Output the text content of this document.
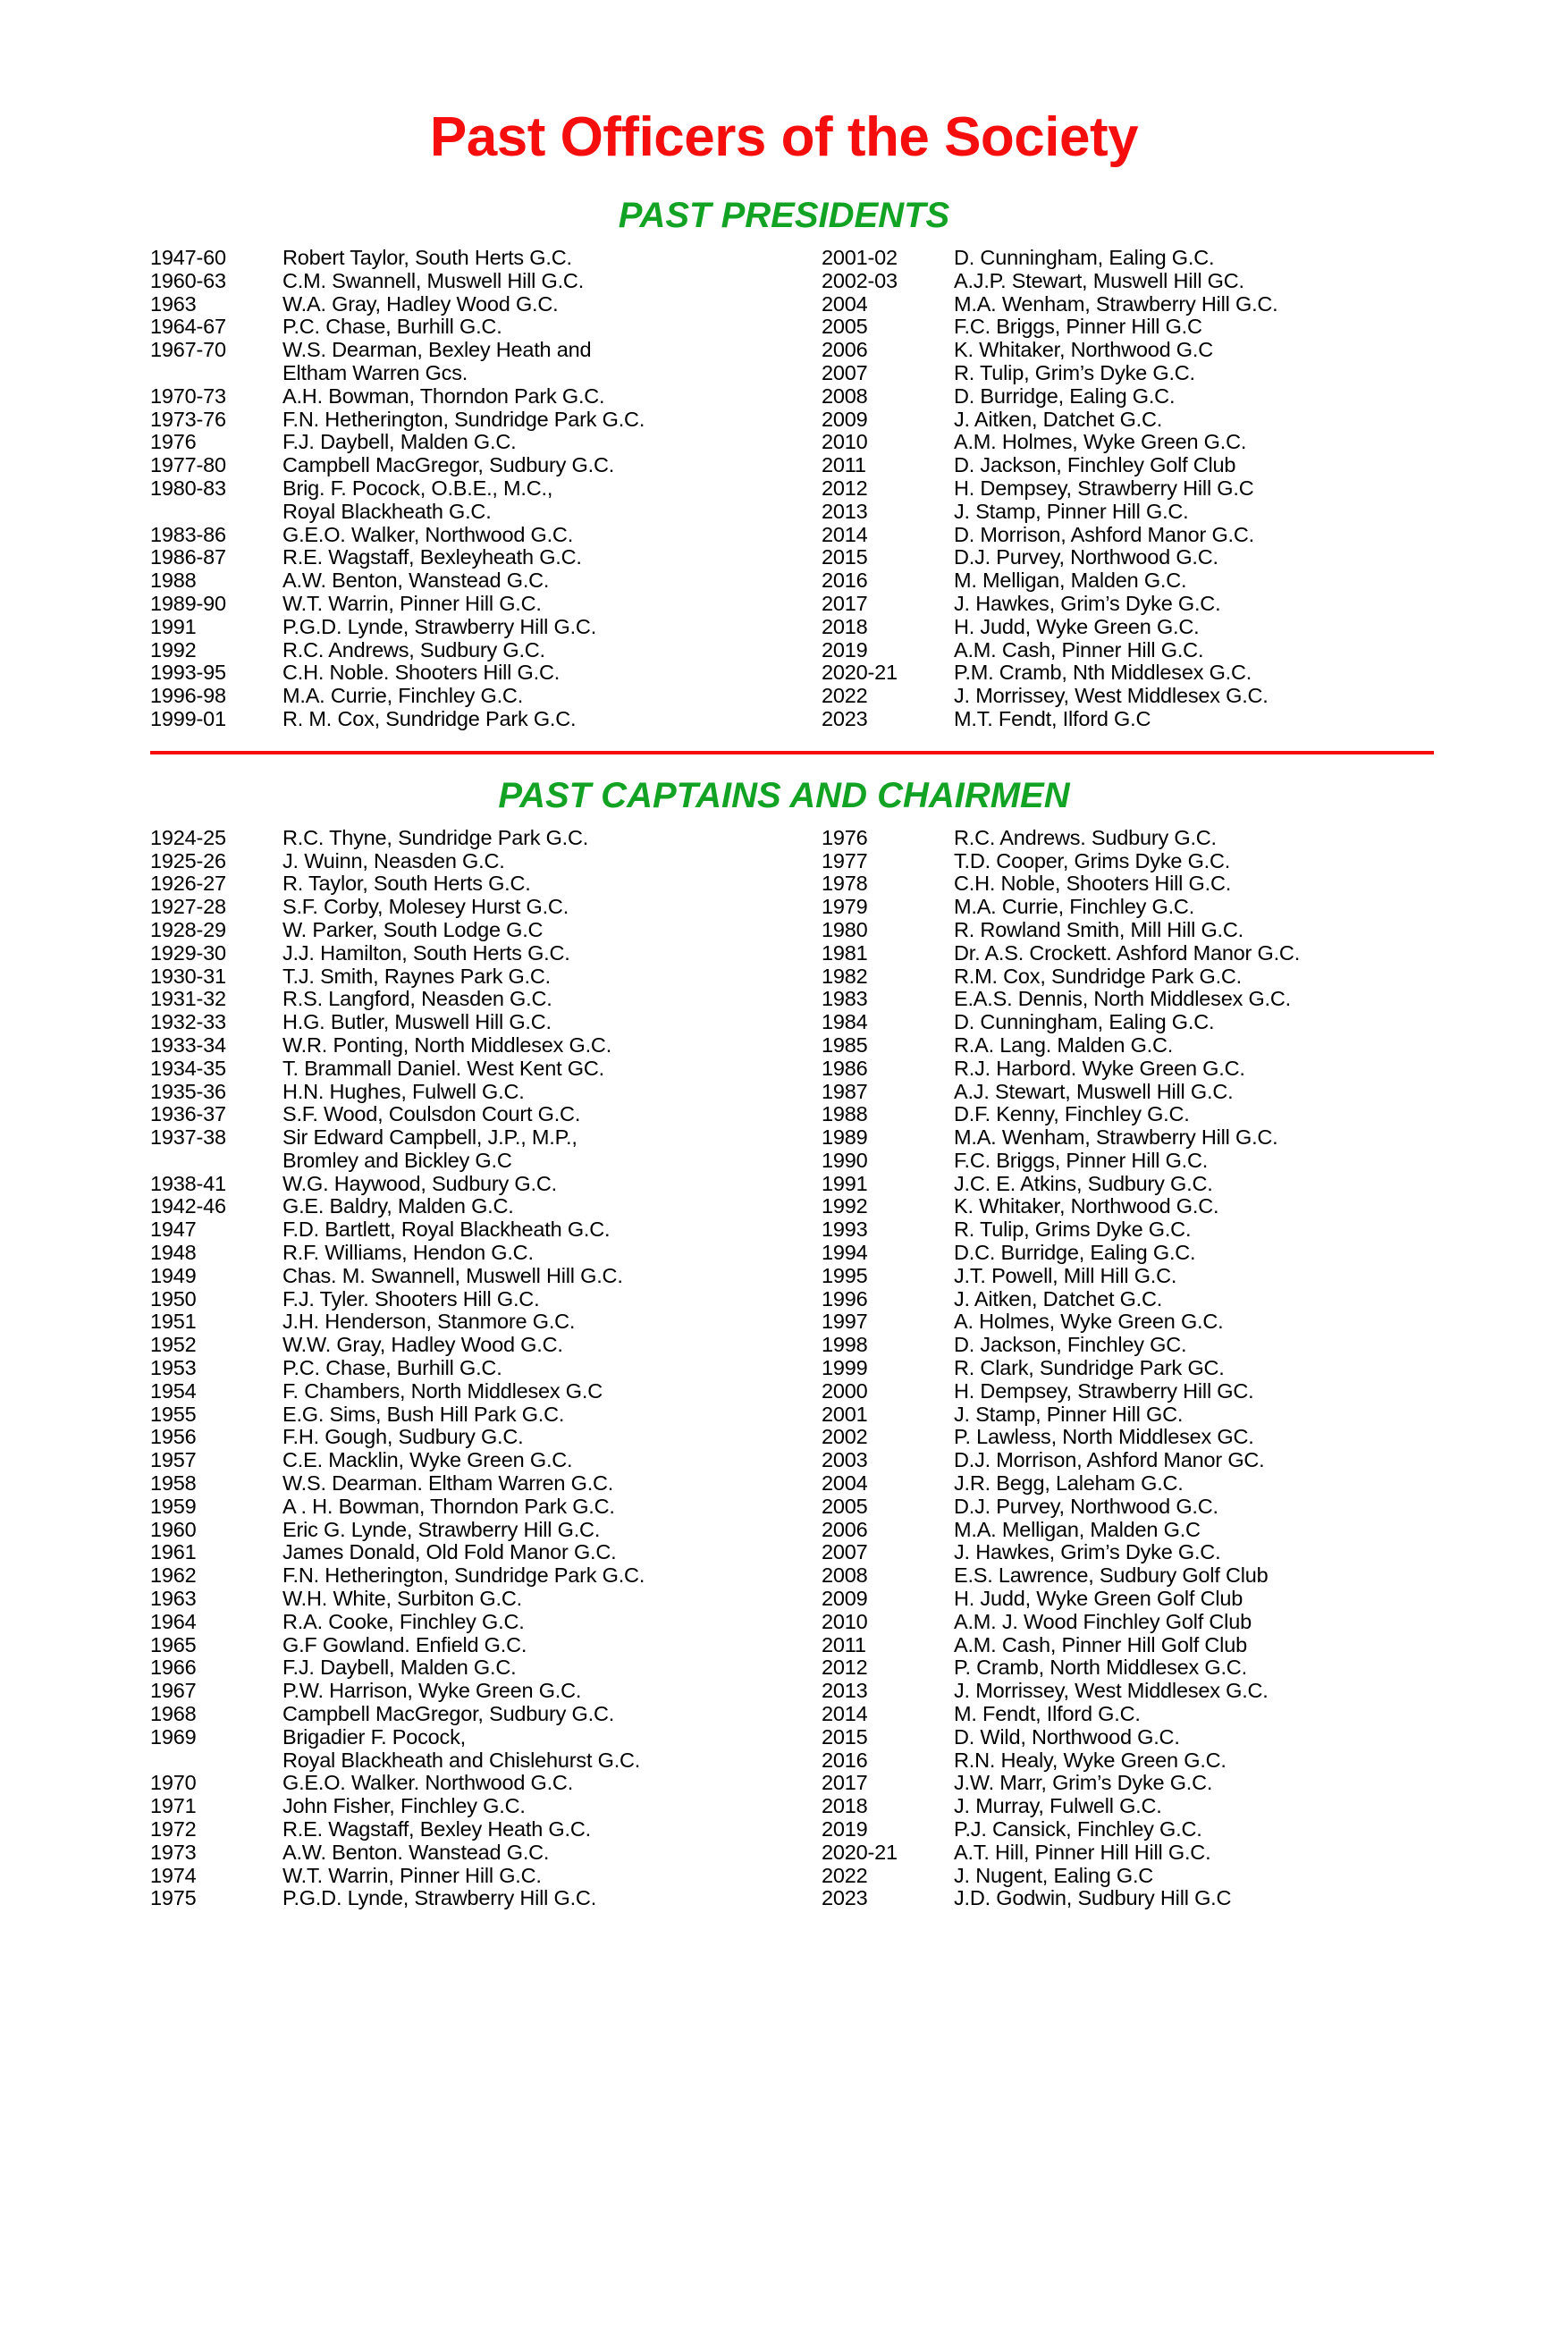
Past Officers of the Society
PAST PRESIDENTS
1947-60	Robert Taylor, South Herts G.C.
1960-63	C.M. Swannell, Muswell Hill G.C.
1963	W.A. Gray, Hadley Wood G.C.
1964-67	P.C. Chase, Burhill G.C.
1967-70	W.S. Dearman, Bexley Heath and
Eltham Warren Gcs.
1970-73	A.H. Bowman, Thorndon Park G.C.
1973-76	F.N. Hetherington, Sundridge Park G.C.
1976	F.J. Daybell, Malden G.C.
1977-80	Campbell MacGregor, Sudbury G.C.
1980-83	Brig. F. Pocock, O.B.E., M.C.,
Royal Blackheath G.C.
1983-86	G.E.O. Walker, Northwood G.C.
1986-87	R.E. Wagstaff, Bexleyheath G.C.
1988	A.W. Benton, Wanstead G.C.
1989-90	W.T. Warrin, Pinner Hill G.C.
1991	P.G.D. Lynde, Strawberry Hill G.C.
1992	R.C. Andrews, Sudbury G.C.
1993-95	C.H. Noble. Shooters Hill G.C.
1996-98	M.A. Currie, Finchley G.C.
1999-01	R. M. Cox, Sundridge Park G.C.
2001-02	D. Cunningham, Ealing G.C.
2002-03	A.J.P. Stewart, Muswell Hill GC.
2004	M.A. Wenham, Strawberry Hill G.C.
2005	F.C. Briggs, Pinner Hill G.C
2006	K. Whitaker, Northwood G.C
2007	R. Tulip, Grim’s Dyke G.C.
2008	D. Burridge, Ealing G.C.
2009	J. Aitken, Datchet G.C.
2010	A.M. Holmes, Wyke Green G.C.
2011	D. Jackson, Finchley Golf Club
2012	H. Dempsey, Strawberry Hill G.C
2013	J. Stamp, Pinner Hill G.C.
2014	D. Morrison, Ashford Manor G.C.
2015	D.J. Purvey, Northwood G.C.
2016	M. Melligan, Malden G.C.
2017	J. Hawkes, Grim’s Dyke G.C.
2018	H. Judd, Wyke Green G.C.
2019	A.M. Cash, Pinner Hill G.C.
2020-21	P.M. Cramb, Nth Middlesex G.C.
2022	J. Morrissey, West Middlesex G.C.
2023	M.T. Fendt, Ilford G.C
PAST CAPTAINS AND CHAIRMEN
1924-25	R.C. Thyne, Sundridge Park G.C.
1925-26	J. Wuinn, Neasden G.C.
1926-27	R. Taylor, South Herts G.C.
1927-28	S.F. Corby, Molesey Hurst G.C.
1928-29	W. Parker, South Lodge G.C
1929-30	J.J. Hamilton, South Herts G.C.
1930-31	T.J. Smith, Raynes Park G.C.
1931-32	R.S. Langford, Neasden G.C.
1932-33	H.G. Butler, Muswell Hill G.C.
1933-34	W.R. Ponting, North Middlesex G.C.
1934-35	T. Brammall Daniel. West Kent GC.
1935-36	H.N. Hughes, Fulwell G.C.
1936-37	S.F. Wood, Coulsdon Court G.C.
1937-38	Sir Edward Campbell, J.P., M.P.,
Bromley and Bickley G.C
1938-41	W.G. Haywood, Sudbury G.C.
1942-46	G.E. Baldry, Malden G.C.
1947	F.D. Bartlett, Royal Blackheath G.C.
1948	R.F. Williams, Hendon G.C.
1949	Chas. M. Swannell, Muswell Hill G.C.
1950	F.J. Tyler. Shooters Hill G.C.
1951	J.H. Henderson, Stanmore G.C.
1952	W.W. Gray, Hadley Wood G.C.
1953	P.C. Chase, Burhill G.C.
1954	F. Chambers, North Middlesex G.C
1955	E.G. Sims, Bush Hill Park G.C.
1956	F.H. Gough, Sudbury G.C.
1957	C.E. Macklin, Wyke Green G.C.
1958	W.S. Dearman. Eltham Warren G.C.
1959	A . H. Bowman, Thorndon Park G.C.
1960	Eric G. Lynde, Strawberry Hill G.C.
1961	James Donald, Old Fold Manor G.C.
1962	F.N. Hetherington, Sundridge Park G.C.
1963	W.H. White, Surbiton G.C.
1964	R.A. Cooke, Finchley G.C.
1965	G.F Gowland. Enfield G.C.
1966	F.J. Daybell, Malden G.C.
1967	P.W. Harrison, Wyke Green G.C.
1968	Campbell MacGregor, Sudbury G.C.
1969	Brigadier F. Pocock,
Royal Blackheath and Chislehurst G.C.
1970	G.E.O. Walker. Northwood G.C.
1971	John Fisher, Finchley G.C.
1972	R.E. Wagstaff, Bexley Heath G.C.
1973	A.W. Benton. Wanstead G.C.
1974	W.T. Warrin, Pinner Hill G.C.
1975	P.G.D. Lynde, Strawberry Hill G.C.
1976	R.C. Andrews. Sudbury G.C.
1977	T.D. Cooper, Grims Dyke G.C.
1978	C.H. Noble, Shooters Hill G.C.
1979	M.A. Currie, Finchley G.C.
1980	R. Rowland Smith, Mill Hill G.C.
1981	Dr. A.S. Crockett. Ashford Manor G.C.
1982	R.M. Cox, Sundridge Park G.C.
1983	E.A.S. Dennis, North Middlesex G.C.
1984	D. Cunningham, Ealing G.C.
1985	R.A. Lang. Malden G.C.
1986	R.J. Harbord. Wyke Green G.C.
1987	A.J. Stewart, Muswell Hill G.C.
1988	D.F. Kenny, Finchley G.C.
1989	M.A. Wenham, Strawberry Hill G.C.
1990	F.C. Briggs, Pinner Hill G.C.
1991	J.C. E. Atkins, Sudbury G.C.
1992	K. Whitaker, Northwood G.C.
1993	R. Tulip, Grims Dyke G.C.
1994	D.C. Burridge, Ealing G.C.
1995	J.T. Powell, Mill Hill G.C.
1996	J. Aitken, Datchet G.C.
1997	A. Holmes, Wyke Green G.C.
1998	D. Jackson, Finchley GC.
1999	R. Clark, Sundridge Park GC.
2000	H. Dempsey, Strawberry Hill GC.
2001	J. Stamp, Pinner Hill GC.
2002	P. Lawless, North Middlesex GC.
2003	D.J. Morrison, Ashford Manor GC.
2004	J.R. Begg, Laleham G.C.
2005	D.J. Purvey, Northwood G.C.
2006	M.A. Melligan, Malden G.C
2007	J. Hawkes, Grim’s Dyke G.C.
2008	E.S. Lawrence, Sudbury Golf Club
2009	H. Judd, Wyke Green Golf Club
2010	A.M. J. Wood Finchley Golf Club
2011	A.M. Cash, Pinner Hill Golf Club
2012	P. Cramb, North Middlesex G.C.
2013	J. Morrissey, West Middlesex G.C.
2014	M. Fendt, Ilford G.C.
2015	D. Wild, Northwood G.C.
2016	R.N. Healy, Wyke Green G.C.
2017	J.W. Marr, Grim’s Dyke G.C.
2018	J. Murray, Fulwell G.C.
2019	P.J. Cansick, Finchley G.C.
2020-21	A.T. Hill, Pinner Hill Hill G.C.
2022	J. Nugent, Ealing G.C
2023	J.D. Godwin, Sudbury Hill G.C
